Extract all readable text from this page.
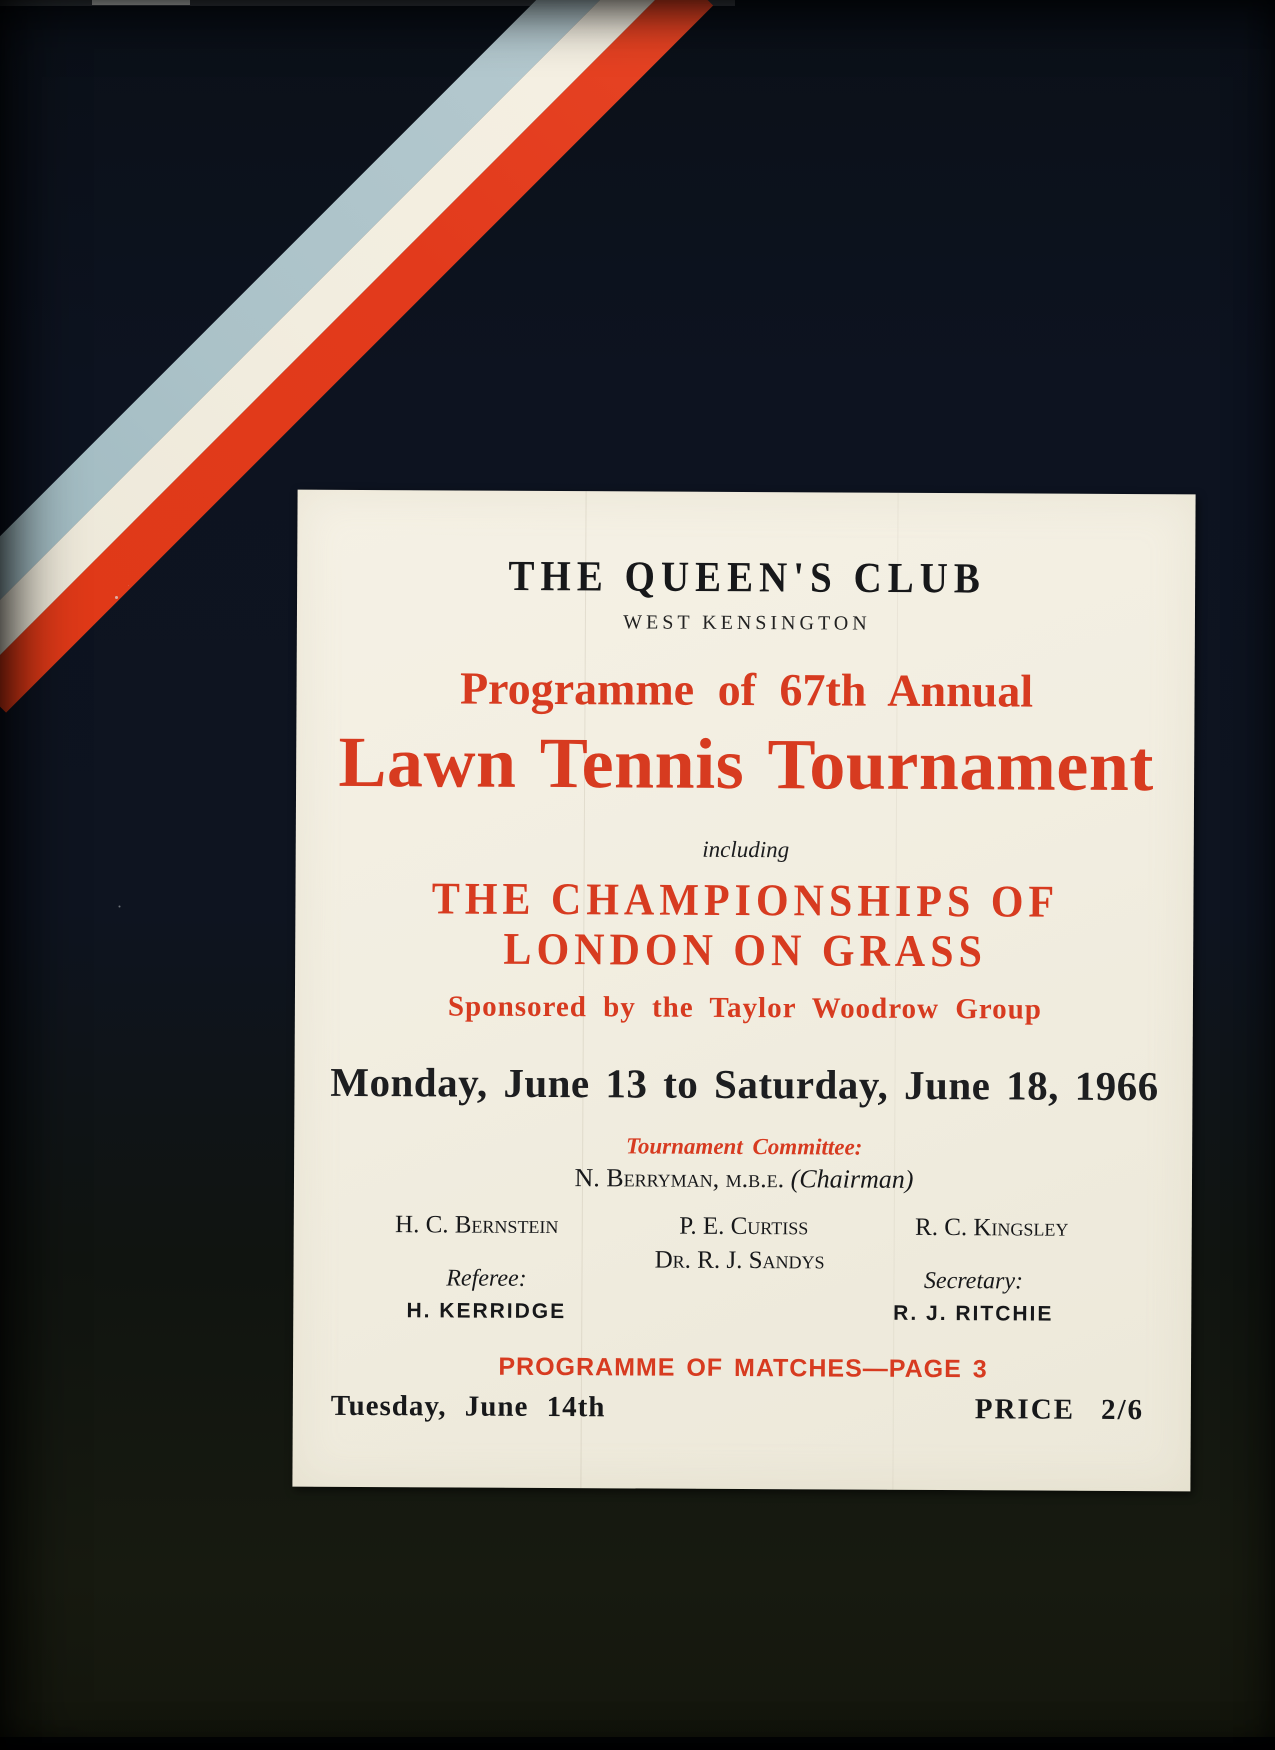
THE QUEEN'S CLUB
WEST KENSINGTON
Programme of 67th Annual
Lawn Tennis Tournament
including
THE CHAMPIONSHIPS OF
LONDON ON GRASS
Sponsored by the Taylor Woodrow Group
Monday, June 13 to Saturday, June 18, 1966
Tournament Committee:
N. Berryman, m.b.e. (Chairman)
H. C. Bernstein	P. E. Curtiss	R. C. Kingsley
Dr. R. J. Sandys
Referee:	Secretary:
H. KERRIDGE	R. J. RITCHIE
PROGRAMME OF MATCHES—PAGE 3
Tuesday, June 14th	PRICE 2/6
